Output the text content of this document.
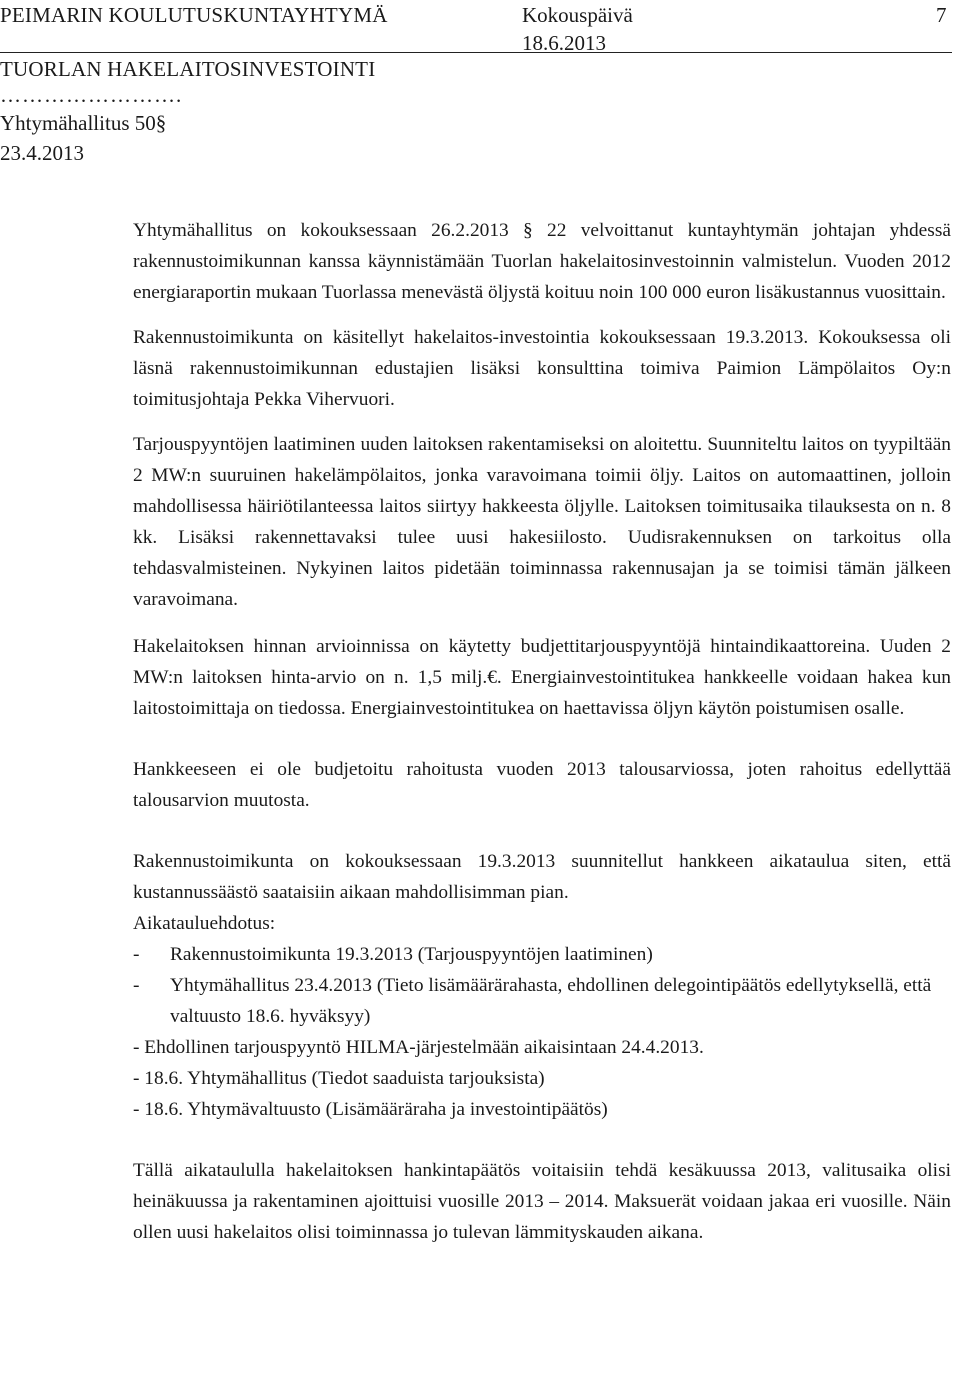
PEIMARIN KOULUTUSKUNTAYHTYMÄ	Kokouspäivä	7
18.6.2013
TUORLAN HAKELAITOSINVESTOINTI
…………………….
Yhtymähallitus 50§
23.4.2013

Yhtymähallitus on kokouksessaan 26.2.2013 § 22 velvoittanut kuntayhtymän johtajan yhdessä rakennustoimikunnan kanssa käynnistämään Tuorlan hakelaitosinvestoinnin valmistelun. Vuoden 2012 energiaraportin mukaan Tuorlassa menevästä öljystä koituu noin 100 000 euron lisäkustannus vuosittain.

Rakennustoimikunta on käsitellyt hakelaitos-investointia kokouksessaan 19.3.2013. Kokouksessa oli läsnä rakennustoimikunnan edustajien lisäksi konsulttina toimiva Paimion Lämpölaitos Oy:n toimitusjohtaja Pekka Vihervuori.

Tarjouspyyntöjen laatiminen uuden laitoksen rakentamiseksi on aloitettu. Suunniteltu laitos on tyypiltään 2 MW:n suuruinen hakelämpölaitos, jonka varavoimana toimii öljy. Laitos on automaattinen, jolloin mahdollisessa häiriötilanteessa laitos siirtyy hakkeesta öljylle. Laitoksen toimitusaika tilauksesta on n. 8 kk. Lisäksi rakennettavaksi tulee uusi hakesiilosto. Uudisrakennuksen on tarkoitus olla tehdasvalmisteinen. Nykyinen laitos pidetään toiminnassa rakennusajan ja se toimisi tämän jälkeen varavoimana.

Hakelaitoksen hinnan arvioinnissa on käytetty budjettitarjouspyyntöjä hintaindikaattoreina. Uuden 2 MW:n laitoksen hinta-arvio on n. 1,5 milj.€. Energiainvestointitukea hankkeelle voidaan hakea kun laitostoimittaja on tiedossa. Energiainvestointitukea on haettavissa öljyn käytön poistumisen osalle.

Hankkeeseen ei ole budjetoitu rahoitusta vuoden 2013 talousarviossa, joten rahoitus edellyttää talousarvion muutosta.

Rakennustoimikunta on kokouksessaan 19.3.2013 suunnitellut hankkeen aikataulua siten, että kustannussäästö saataisiin aikaan mahdollisimman pian.

Aikatauluehdotus:

- Rakennustoimikunta 19.3.2013 (Tarjouspyyntöjen laatiminen)
- Yhtymähallitus 23.4.2013 (Tieto lisämäärärahasta, ehdollinen delegointipäätös edellytyksellä, että valtuusto 18.6. hyväksyy)
- Ehdollinen tarjouspyyntö HILMA-järjestelmään aikaisintaan 24.4.2013.
- 18.6. Yhtymähallitus (Tiedot saaduista tarjouksista)
- 18.6. Yhtymävaltuusto (Lisämääräraha ja investointipäätös)

Tällä aikataululla hakelaitoksen hankintapäätös voitaisiin tehdä kesäkuussa 2013, valitusaika olisi heinäkuussa ja rakentaminen ajoittuisi vuosille 2013 – 2014. Maksuerät voidaan jakaa eri vuosille. Näin ollen uusi hakelaitos olisi toiminnassa jo tulevan lämmityskauden aikana.
